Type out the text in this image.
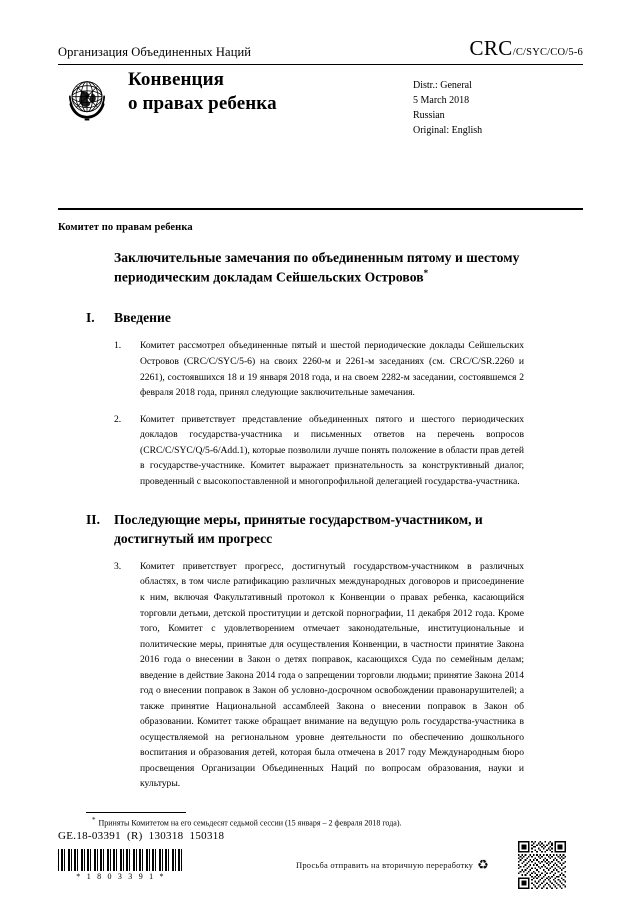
Организация Объединенных Наций	CRC/C/SYC/CO/5-6
Конвенция
о правах ребенка
Distr.: General
5 March 2018
Russian
Original: English
Комитет по правам ребенка
Заключительные замечания по объединенным пятому и шестому периодическим докладам Сейшельских Островов*
I.	Введение
1.	Комитет рассмотрел объединенные пятый и шестой периодические доклады Сейшельских Островов (CRC/C/SYC/5-6) на своих 2260-м и 2261-м заседаниях (см. CRC/C/SR.2260 и 2261), состоявшихся 18 и 19 января 2018 года, и на своем 2282-м заседании, состоявшемся 2 февраля 2018 года, принял следующие заключительные замечания.
2.	Комитет приветствует представление объединенных пятого и шестого периодических докладов государства-участника и письменных ответов на перечень вопросов (CRC/C/SYC/Q/5-6/Add.1), которые позволили лучше понять положение в области прав детей в государстве-участнике. Комитет выражает признательность за конструктивный диалог, проведенный с высокопоставленной и многопрофильной делегацией государства-участника.
II.	Последующие меры, принятые государством-участником, и достигнутый им прогресс
3.	Комитет приветствует прогресс, достигнутый государством-участником в различных областях, в том числе ратификацию различных международных договоров и присоединение к ним, включая Факультативный протокол к Конвенции о правах ребенка, касающийся торговли детьми, детской проституции и детской порнографии, 11 декабря 2012 года. Кроме того, Комитет с удовлетворением отмечает законодательные, институциональные и политические меры, принятые для осуществления Конвенции, в частности принятие Закона 2016 года о внесении в Закон о детях поправок, касающихся Суда по семейным делам; введение в действие Закона 2014 года о запрещении торговли людьми; принятие Закона 2014 год о внесении поправок в Закон об условно-досрочном освобождении правонарушителей; а также принятие Национальной ассамблеей Закона о внесении поправок в Закон об образовании. Комитет также обращает внимание на ведущую роль государства-участника в осуществляемой на региональном уровне деятельности по обеспечению дошкольного воспитания и образования детей, которая была отмечена в 2017 году Международным бюро просвещения Организации Объединенных Наций по вопросам образования, науки и культуры.
* Приняты Комитетом на его семьдесят седьмой сессии (15 января – 2 февраля 2018 года).
GE.18-03391  (R)  130318  150318
* 1 8 0 3 3 9 1 *
Просьба отправить на вторичную переработку ♻
